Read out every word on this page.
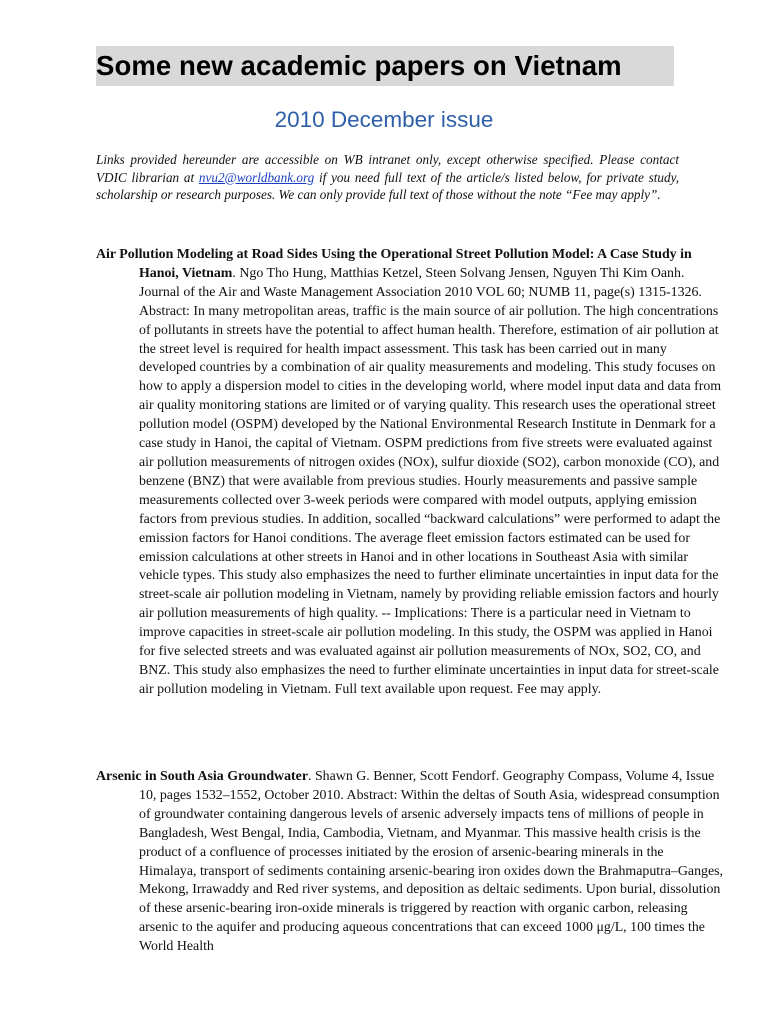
Some new academic papers on Vietnam
2010 December issue
Links provided hereunder are accessible on WB intranet only, except otherwise specified. Please contact VDIC librarian at nvu2@worldbank.org if you need full text of the article/s listed below, for private study, scholarship or research purposes. We can only provide full text of those without the note “Fee may apply”.
Air Pollution Modeling at Road Sides Using the Operational Street Pollution Model: A Case Study in Hanoi, Vietnam. Ngo Tho Hung, Matthias Ketzel, Steen Solvang Jensen, Nguyen Thi Kim Oanh. Journal of the Air and Waste Management Association 2010 VOL 60; NUMB 11, page(s) 1315-1326. Abstract: In many metropolitan areas, traffic is the main source of air pollution. The high concentrations of pollutants in streets have the potential to affect human health. Therefore, estimation of air pollution at the street level is required for health impact assessment. This task has been carried out in many developed countries by a combination of air quality measurements and modeling. This study focuses on how to apply a dispersion model to cities in the developing world, where model input data and data from air quality monitoring stations are limited or of varying quality. This research uses the operational street pollution model (OSPM) developed by the National Environmental Research Institute in Denmark for a case study in Hanoi, the capital of Vietnam. OSPM predictions from five streets were evaluated against air pollution measurements of nitrogen oxides (NOx), sulfur dioxide (SO2), carbon monoxide (CO), and benzene (BNZ) that were available from previous studies. Hourly measurements and passive sample measurements collected over 3-week periods were compared with model outputs, applying emission factors from previous studies. In addition, socalled “backward calculations” were performed to adapt the emission factors for Hanoi conditions. The average fleet emission factors estimated can be used for emission calculations at other streets in Hanoi and in other locations in Southeast Asia with similar vehicle types. This study also emphasizes the need to further eliminate uncertainties in input data for the street-scale air pollution modeling in Vietnam, namely by providing reliable emission factors and hourly air pollution measurements of high quality. -- Implications: There is a particular need in Vietnam to improve capacities in street-scale air pollution modeling. In this study, the OSPM was applied in Hanoi for five selected streets and was evaluated against air pollution measurements of NOx, SO2, CO, and BNZ. This study also emphasizes the need to further eliminate uncertainties in input data for street-scale air pollution modeling in Vietnam. Full text available upon request. Fee may apply.
Arsenic in South Asia Groundwater. Shawn G. Benner, Scott Fendorf. Geography Compass, Volume 4, Issue 10, pages 1532–1552, October 2010. Abstract: Within the deltas of South Asia, widespread consumption of groundwater containing dangerous levels of arsenic adversely impacts tens of millions of people in Bangladesh, West Bengal, India, Cambodia, Vietnam, and Myanmar. This massive health crisis is the product of a confluence of processes initiated by the erosion of arsenic-bearing minerals in the Himalaya, transport of sediments containing arsenic-bearing iron oxides down the Brahmaputra–Ganges, Mekong, Irrawaddy and Red river systems, and deposition as deltaic sediments. Upon burial, dissolution of these arsenic-bearing iron-oxide minerals is triggered by reaction with organic carbon, releasing arsenic to the aquifer and producing aqueous concentrations that can exceed 1000 μg/L, 100 times the World Health
